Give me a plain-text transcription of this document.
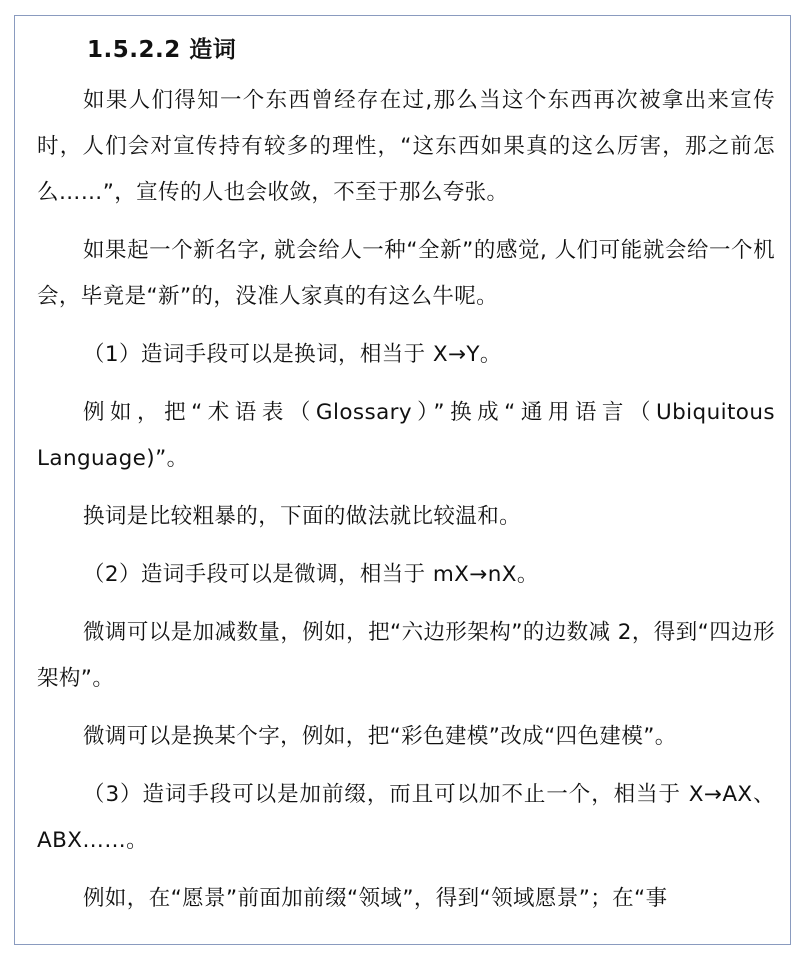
1.5.2.2 造词

如果人们得知一个东西曾经存在过,那么当这个东西再次被拿出来宣传时，人们会对宣传持有较多的理性，“这东西如果真的这么厉害，那之前怎么……”，宣传的人也会收敛，不至于那么夸张。

如果起一个新名字, 就会给人一种“全新”的感觉, 人们可能就会给一个机会，毕竟是“新”的，没准人家真的有这么牛呢。

（1）造词手段可以是换词，相当于 X→Y。

例如，把“术语表（Glossary）”换成“通用语言（Ubiquitous Language)”。

换词是比较粗暴的，下面的做法就比较温和。

（2）造词手段可以是微调，相当于 mX→nX。

微调可以是加减数量，例如，把“六边形架构”的边数减 2，得到“四边形架构”。

微调可以是换某个字，例如，把“彩色建模”改成“四色建模”。

（3）造词手段可以是加前缀，而且可以加不止一个，相当于 X→AX、ABX……。

例如，在“愿景”前面加前缀“领域”，得到“领域愿景”；在“事
